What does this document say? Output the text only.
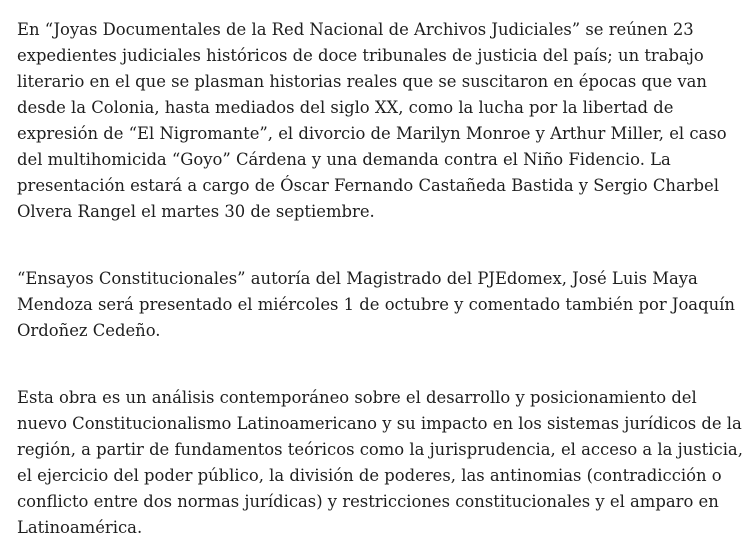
En “Joyas Documentales de la Red Nacional de Archivos Judiciales” se reúnen 23 expedientes judiciales históricos de doce tribunales de justicia del país; un trabajo literario en el que se plasman historias reales que se suscitaron en épocas que van desde la Colonia, hasta mediados del siglo XX, como la lucha por la libertad de expresión de “El Nigromante”, el divorcio de Marilyn Monroe y Arthur Miller, el caso del multihomicida “Goyo” Cárdena y una demanda contra el Niño Fidencio. La presentación estará a cargo de Óscar Fernando Castañeda Bastida y Sergio Charbel Olvera Rangel el martes 30 de septiembre.

“Ensayos Constitucionales” autoría del Magistrado del PJEdomex, José Luis Maya Mendoza será presentado el miércoles 1 de octubre y comentado también por Joaquín Ordoñez Cedeño.

Esta obra es un análisis contemporáneo sobre el desarrollo y posicionamiento del nuevo Constitucionalismo Latinoamericano y su impacto en los sistemas jurídicos de la región, a partir de fundamentos teóricos como la jurisprudencia, el acceso a la justicia, el ejercicio del poder público, la división de poderes, las antinomias (contradicción o conflicto entre dos normas jurídicas) y restricciones constitucionales y el amparo en Latinoamérica.
